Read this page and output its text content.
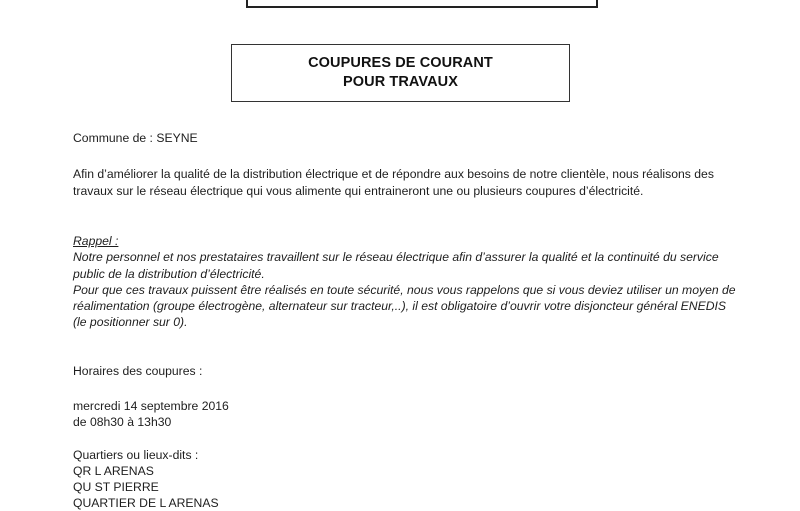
COUPURES DE COURANT
POUR TRAVAUX
Commune de : SEYNE
Afin d’améliorer la qualité de la distribution électrique et de répondre aux besoins de notre clientèle, nous réalisons des
travaux sur le réseau électrique qui vous alimente qui entraineront une ou plusieurs coupures d’électricité.
Rappel :
Notre personnel et nos prestataires travaillent sur le réseau électrique afin d’assurer la qualité et la continuité du service
public de la distribution d’électricité.
Pour que ces travaux puissent être réalisés en toute sécurité, nous vous rappelons que si vous deviez utiliser un moyen de
réalimentation (groupe électrogène, alternateur sur tracteur,..), il est obligatoire d’ouvrir votre disjoncteur général ENEDIS
(le positionner sur 0).
Horaires des coupures :
mercredi 14 septembre 2016
de 08h30 à 13h30
Quartiers ou lieux-dits :
QR L ARENAS
QU ST PIERRE
QUARTIER DE L ARENAS
